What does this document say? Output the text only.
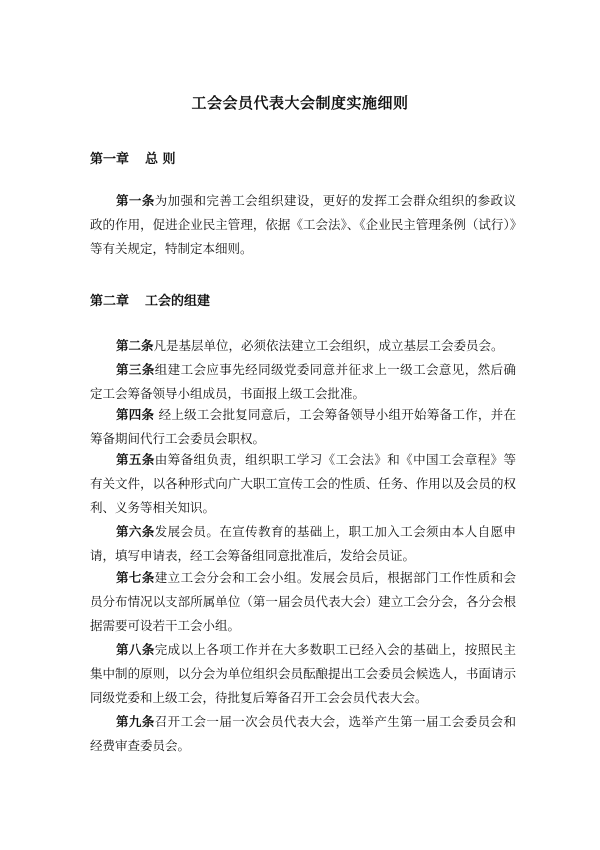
工会会员代表大会制度实施细则
第一章 总 则
第一条为加强和完善工会组织建设，更好的发挥工会群众组织的参政议政的作用，促进企业民主管理，依据《工会法》、《企业民主管理条例（试行）》等有关规定，特制定本细则。
第二章 工会的组建
第二条凡是基层单位，必须依法建立工会组织，成立基层工会委员会。
第三条组建工会应事先经同级党委同意并征求上一级工会意见，然后确定工会筹备领导小组成员，书面报上级工会批准。
第四条 经上级工会批复同意后，工会筹备领导小组开始筹备工作，并在筹备期间代行工会委员会职权。
第五条由筹备组负责，组织职工学习《工会法》和《中国工会章程》等有关文件，以各种形式向广大职工宣传工会的性质、任务、作用以及会员的权利、义务等相关知识。
第六条发展会员。在宣传教育的基础上，职工加入工会须由本人自愿申请，填写申请表，经工会筹备组同意批准后，发给会员证。
第七条建立工会分会和工会小组。发展会员后，根据部门工作性质和会员分布情况以支部所属单位（第一届会员代表大会）建立工会分会，各分会根据需要可设若干工会小组。
第八条完成以上各项工作并在大多数职工已经入会的基础上，按照民主集中制的原则，以分会为单位组织会员酝酿提出工会委员会候选人，书面请示同级党委和上级工会，待批复后筹备召开工会会员代表大会。
第九条召开工会一届一次会员代表大会，选举产生第一届工会委员会和经费审查委员会。
